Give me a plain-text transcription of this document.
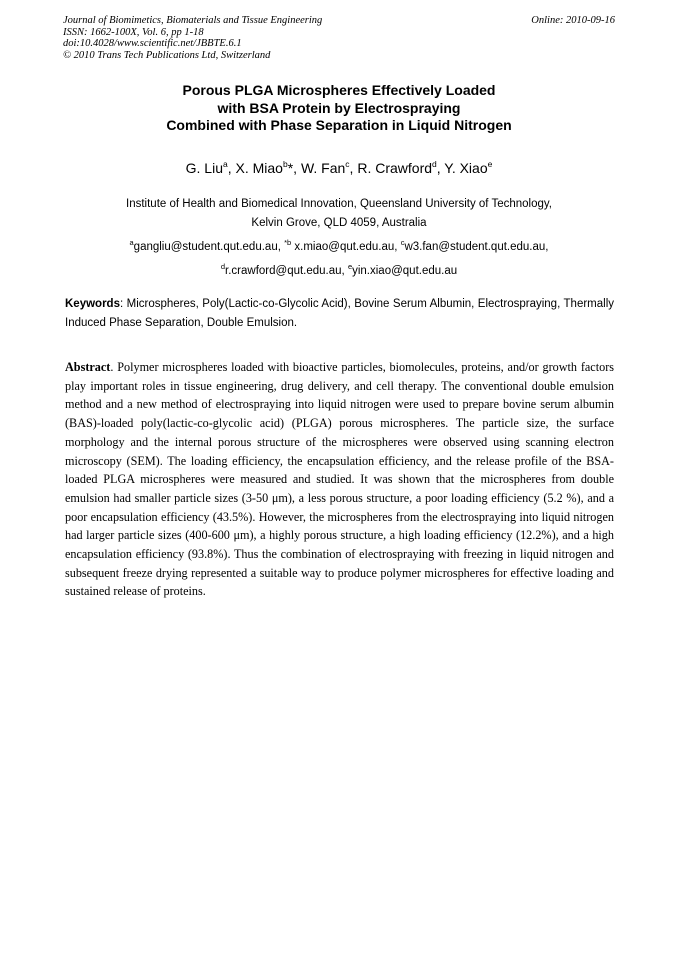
Journal of Biomimetics, Biomaterials and Tissue Engineering
ISSN: 1662-100X, Vol. 6, pp 1-18
doi:10.4028/www.scientific.net/JBBTE.6.1
© 2010 Trans Tech Publications Ltd, Switzerland
Online: 2010-09-16
Porous PLGA Microspheres Effectively Loaded
with BSA Protein by Electrospraying
Combined with Phase Separation in Liquid Nitrogen
G. Liu$^a$, X. Miao$^b$*, W. Fan$^c$, R. Crawford$^d$, Y. Xiao$^e$
Institute of Health and Biomedical Innovation, Queensland University of Technology,
Kelvin Grove, QLD 4059, Australia
$^a$gangliu@student.qut.edu.au, $^{*b}$ x.miao@qut.edu.au, $^c$w3.fan@student.qut.edu.au,
$^d$r.crawford@qut.edu.au, $^e$yin.xiao@qut.edu.au
Keywords: Microspheres, Poly(Lactic-co-Glycolic Acid), Bovine Serum Albumin, Electrospraying, Thermally Induced Phase Separation, Double Emulsion.
Abstract. Polymer microspheres loaded with bioactive particles, biomolecules, proteins, and/or growth factors play important roles in tissue engineering, drug delivery, and cell therapy. The conventional double emulsion method and a new method of electrospraying into liquid nitrogen were used to prepare bovine serum albumin (BAS)-loaded poly(lactic-co-glycolic acid) (PLGA) porous microspheres. The particle size, the surface morphology and the internal porous structure of the microspheres were observed using scanning electron microscopy (SEM). The loading efficiency, the encapsulation efficiency, and the release profile of the BSA-loaded PLGA microspheres were measured and studied. It was shown that the microspheres from double emulsion had smaller particle sizes (3-50 μm), a less porous structure, a poor loading efficiency (5.2 %), and a poor encapsulation efficiency (43.5%). However, the microspheres from the electrospraying into liquid nitrogen had larger particle sizes (400-600 μm), a highly porous structure, a high loading efficiency (12.2%), and a high encapsulation efficiency (93.8%). Thus the combination of electrospraying with freezing in liquid nitrogen and subsequent freeze drying represented a suitable way to produce polymer microspheres for effective loading and sustained release of proteins.
